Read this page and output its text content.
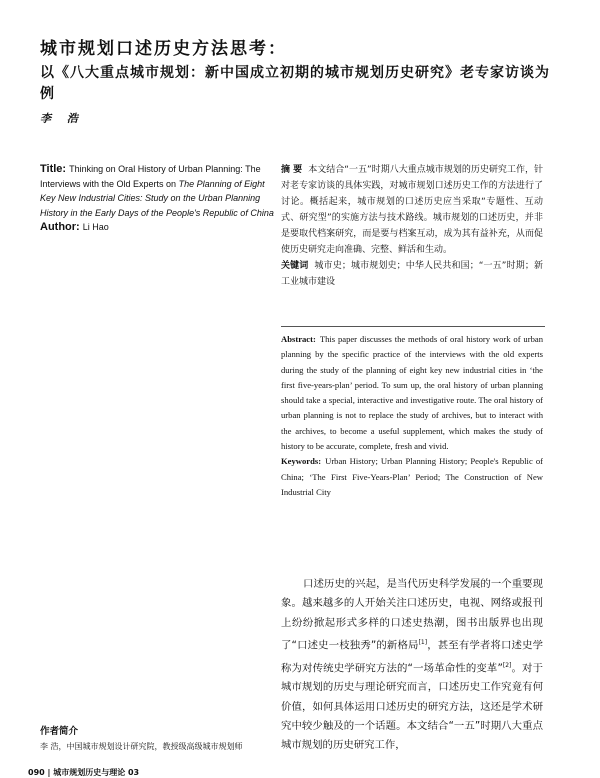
城市规划口述历史方法思考：
以《八大重点城市规划：新中国成立初期的城市规划历史研究》老专家访谈为例
李 浩
Title: Thinking on Oral History of Urban Planning: The Interviews with the Old Experts on The Planning of Eight Key New Industrial Cities: Study on the Urban Planning History in the Early Days of the People's Republic of China
Author: Li Hao
摘 要 本文结合“一五”时期八大重点城市规划的历史研究工作，针对老专家访谈的具体实践，对城市规划口述历史工作的方法进行了讨论。概括起来，城市规划的口述历史应当采取“专题性、互动式、研究型”的实施方法与技术路线。城市规划的口述历史，并非是要取代档案研究，而是要与档案互动，成为其有益补充，从而促使历史研究走向准确、完整、鲜活和生动。
关键词 城市史；城市规划史；中华人民共和国；“一五”时期；新工业城市建设
Abstract: This paper discusses the methods of oral history work of urban planning by the specific practice of the interviews with the old experts during the study of the planning of eight key new industrial cities in ‘the first five-years-plan’ period. To sum up, the oral history of urban planning should take a special, interactive and investigative route. The oral history of urban planning is not to replace the study of archives, but to interact with the archives, to become a useful supplement, which makes the study of history to be accurate, complete, fresh and vivid.
Keywords: Urban History; Urban Planning History; People's Republic of China; ‘The First Five-Years-Plan’ Period; The Construction of New Industrial City
口述历史的兴起，是当代历史科学发展的一个重要现象。越来越多的人开始关注口述历史，电视、网络或报刊上纷纷掀起形式多样的口述史热潮，图书出版界也出现了“口述史一枝独秀”的新格局[1]，甚至有学者将口述史学称为对传统史学研究方法的“一场革命性的变革”[2]。对于城市规划的历史与理论研究而言，口述历史工作究竟有何价值，如何具体运用口述历史的研究方法，这还是学术研究中较少触及的一个话题。本文结合“一五”时期八大重点城市规划的历史研究工作，
作者简介
李 浩，中国城市规划设计研究院，教授级高级城市规划师
090 | 城市规划历史与理论 03
